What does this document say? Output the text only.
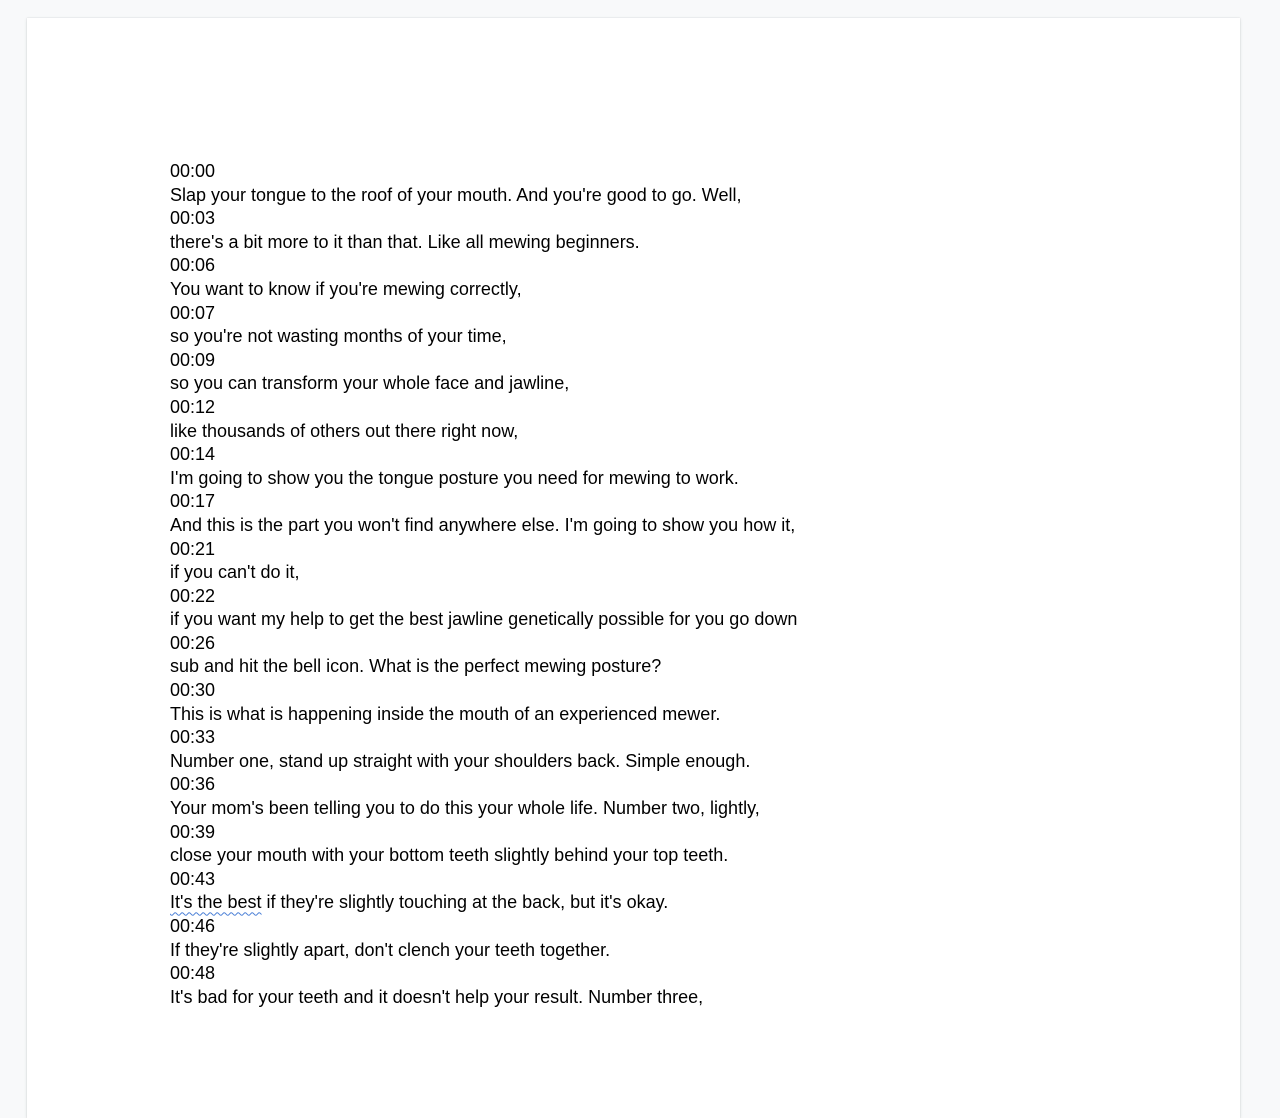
00:00
Slap your tongue to the roof of your mouth. And you're good to go. Well,
00:03
there's a bit more to it than that. Like all mewing beginners.
00:06
You want to know if you're mewing correctly,
00:07
so you're not wasting months of your time,
00:09
so you can transform your whole face and jawline,
00:12
like thousands of others out there right now,
00:14
I'm going to show you the tongue posture you need for mewing to work.
00:17
And this is the part you won't find anywhere else. I'm going to show you how it,
00:21
if you can't do it,
00:22
if you want my help to get the best jawline genetically possible for you go down
00:26
sub and hit the bell icon. What is the perfect mewing posture?
00:30
This is what is happening inside the mouth of an experienced mewer.
00:33
Number one, stand up straight with your shoulders back. Simple enough.
00:36
Your mom's been telling you to do this your whole life. Number two, lightly,
00:39
close your mouth with your bottom teeth slightly behind your top teeth.
00:43
It's the best if they're slightly touching at the back, but it's okay.
00:46
If they're slightly apart, don't clench your teeth together.
00:48
It's bad for your teeth and it doesn't help your result. Number three,
